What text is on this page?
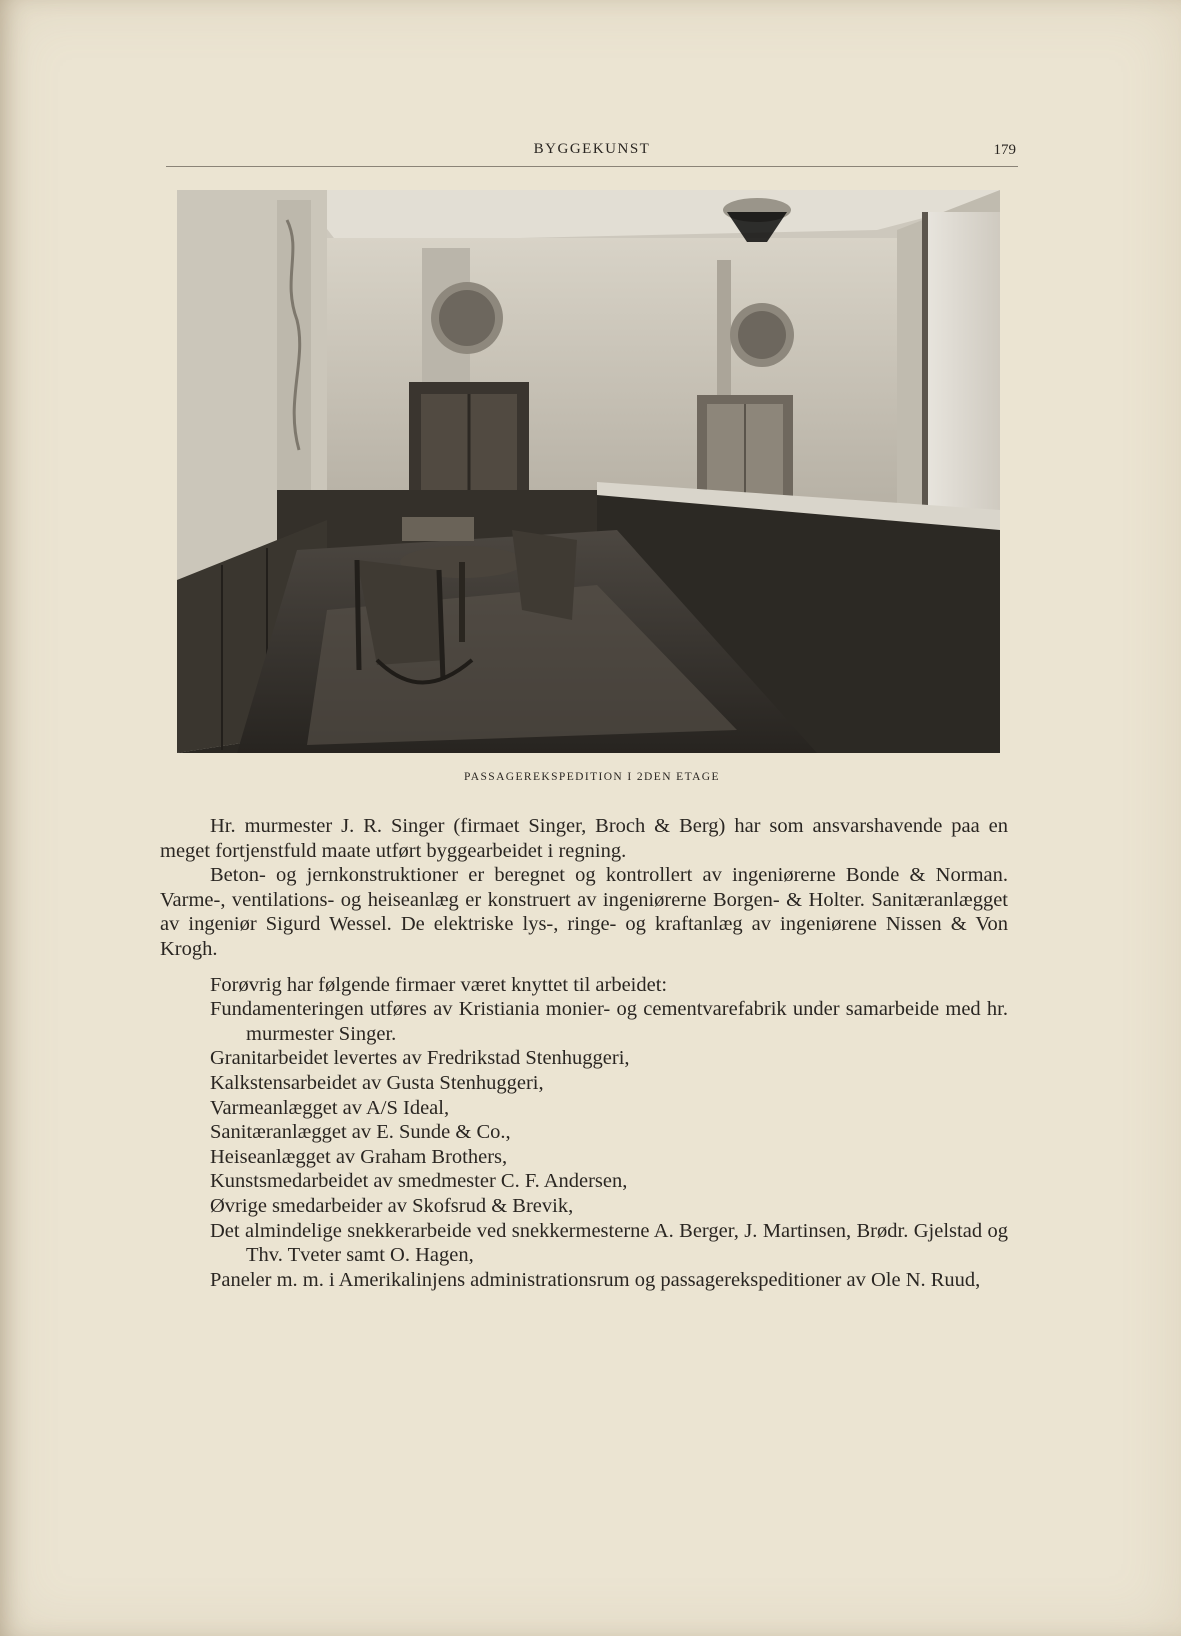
BYGGEKUNST	179
PASSAGEREKSPEDITION I 2DEN ETAGE

Hr. murmester J. R. Singer (firmaet Singer, Broch & Berg) har som ansvarshavende paa en meget fortjenstfuld maate utført byggearbeidet i regning.

Beton- og jernkonstruktioner er beregnet og kontrollert av ingeniørerne Bonde & Norman. Varme-, ventilations- og heiseanlæg er konstruert av ingeniørerne Borgen- & Holter. Sanitæranlægget av ingeniør Sigurd Wessel. De elektriske lys-, ringe- og kraftanlæg av ingeniørene Nissen & Von Krogh.

Forøvrig har følgende firmaer været knyttet til arbeidet:

Fundamenteringen utføres av Kristiania monier- og cementvarefabrik under samarbeide med hr. murmester Singer.
Granitarbeidet levertes av Fredrikstad Stenhuggeri,
Kalkstensarbeidet av Gusta Stenhuggeri,
Varmeanlægget av A/S Ideal,
Sanitæranlægget av E. Sunde & Co.,
Heiseanlægget av Graham Brothers,
Kunstsmedarbeidet av smedmester C. F. Andersen,
Øvrige smedarbeider av Skofsrud & Brevik,
Det almindelige snekkerarbeide ved snekkermesterne A. Berger, J. Martinsen, Brødr. Gjelstad og Thv. Tveter samt O. Hagen,
Paneler m. m. i Amerikalinjens administrationsrum og passagerekspeditioner av Ole N. Ruud,
